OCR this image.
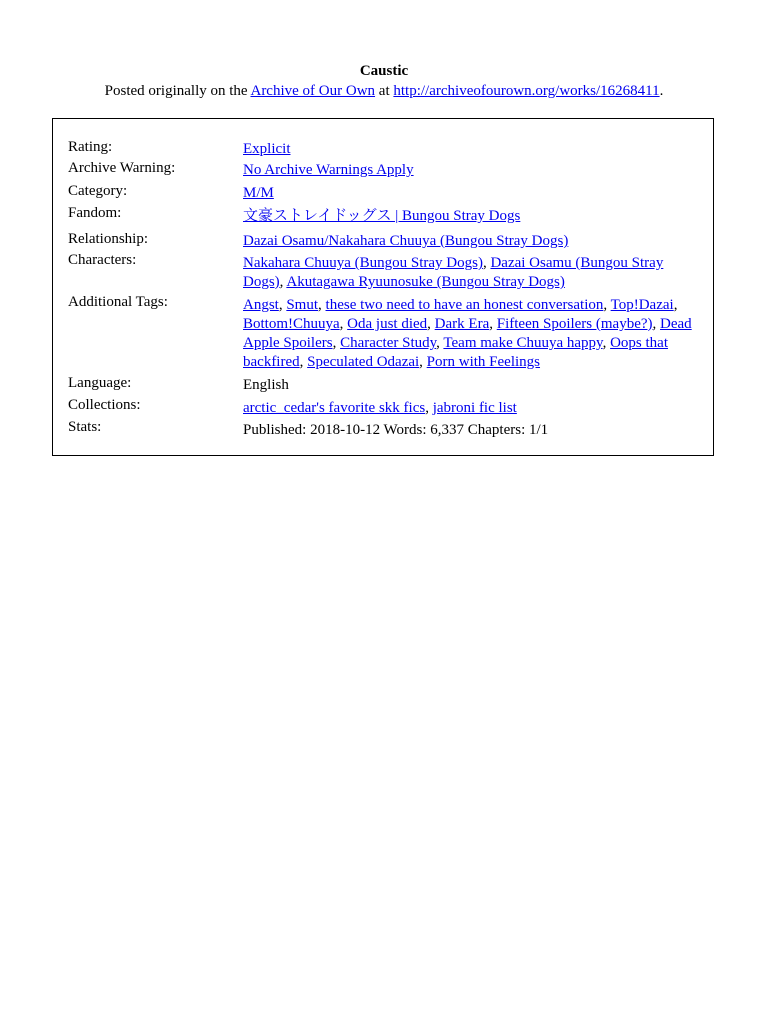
Caustic
Posted originally on the Archive of Our Own at http://archiveofourown.org/works/16268411.
Rating:	Explicit
Archive Warning:	No Archive Warnings Apply
Category:	M/M
Fandom:	文豪ストレイドッグス | Bungou Stray Dogs
Relationship:	Dazai Osamu/Nakahara Chuuya (Bungou Stray Dogs)
Characters:	Nakahara Chuuya (Bungou Stray Dogs), Dazai Osamu (Bungou Stray Dogs), Akutagawa Ryuunosuke (Bungou Stray Dogs)
Additional Tags:	Angst, Smut, these two need to have an honest conversation, Top!Dazai, Bottom!Chuuya, Oda just died, Dark Era, Fifteen Spoilers (maybe?), Dead Apple Spoilers, Character Study, Team make Chuuya happy, Oops that backfired, Speculated Odazai, Porn with Feelings
Language:	English
Collections:	arctic_cedar's favorite skk fics, jabroni fic list
Stats:	Published: 2018-10-12 Words: 6,337 Chapters: 1/1
